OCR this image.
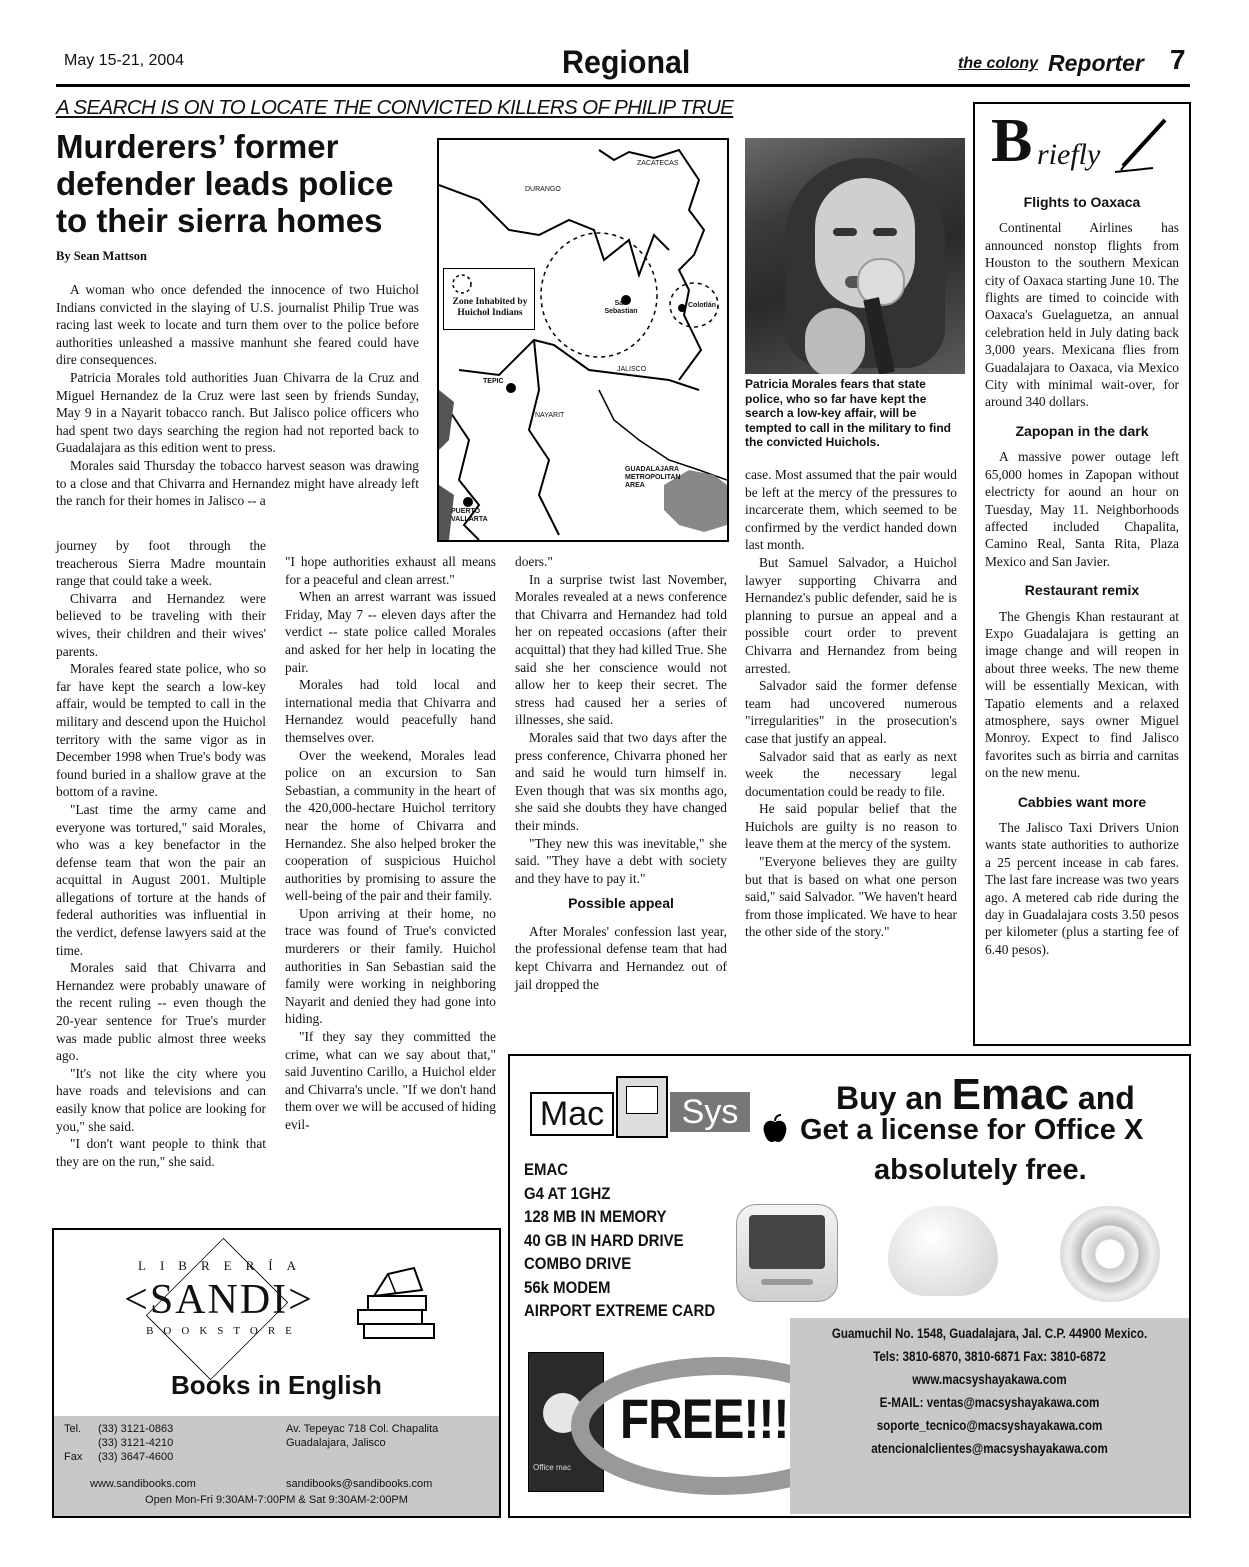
May 15-21, 2004	Regional	the colony Reporter 7
A SEARCH IS ON TO LOCATE THE CONVICTED KILLERS OF PHILIP TRUE
Murderers’ former
defender leads police
to their sierra homes
By Sean Mattson

A woman who once defended the innocence of two Huichol Indians convicted in the slaying of U.S. journalist Philip True was racing last week to locate and turn them over to the police before authorities unleashed a massive manhunt she feared could have dire consequences.

Patricia Morales told authorities Juan Chivarra de la Cruz and Miguel Hernandez de la Cruz were last seen by friends Sunday, May 9 in a Nayarit tobacco ranch. But Jalisco police officers who had spent two days searching the region had not reported back to Guadalajara as this edition went to press.

Morales said Thursday the tobacco harvest season was drawing to a close and that Chivarra and Hernandez might have already left the ranch for their homes in Jalisco -- a

Zone Inhabited by Huichol Indians
ZACATECAS
DURANGO
San Sebastian
Colotlán
JALISCO
TEPIC
NAYARIT
GUADALAJARA METROPOLITAN AREA
PUERTO VALLARTA
Patricia Morales fears that state police, who so far have kept the search a low-key affair, will be tempted to call in the military to find the convicted Huichols.

journey by foot through the treacherous Sierra Madre mountain range that could take a week.

Chivarra and Hernandez were believed to be traveling with their wives, their children and their wives' parents.

Morales feared state police, who so far have kept the search a low-key affair, would be tempted to call in the military and descend upon the Huichol territory with the same vigor as in December 1998 when True's body was found buried in a shallow grave at the bottom of a ravine.

"Last time the army came and everyone was tortured," said Morales, who was a key benefactor in the defense team that won the pair an acquittal in August 2001. Multiple allegations of torture at the hands of federal authorities was influential in the verdict, defense lawyers said at the time.

Morales said that Chivarra and Hernandez were probably unaware of the recent ruling -- even though the 20-year sentence for True's murder was made public almost three weeks ago.

"It's not like the city where you have roads and televisions and can easily know that police are looking for you," she said.

"I don't want people to think that they are on the run," she said.

"I hope authorities exhaust all means for a peaceful and clean arrest."

When an arrest warrant was issued Friday, May 7 -- eleven days after the verdict -- state police called Morales and asked for her help in locating the pair.

Morales had told local and international media that Chivarra and Hernandez would peacefully hand themselves over.

Over the weekend, Morales lead police on an excursion to San Sebastian, a community in the heart of the 420,000-hectare Huichol territory near the home of Chivarra and Hernandez. She also helped broker the cooperation of suspicious Huichol authorities by promising to assure the well-being of the pair and their family.

Upon arriving at their home, no trace was found of True's convicted murderers or their family. Huichol authorities in San Sebastian said the family were working in neighboring Nayarit and denied they had gone into hiding.

"If they say they committed the crime, what can we say about that," said Juventino Carillo, a Huichol elder and Chivarra's uncle. "If we don't hand them over we will be accused of hiding evil-

doers."

In a surprise twist last November, Morales revealed at a news conference that Chivarra and Hernandez had told her on repeated occasions (after their acquittal) that they had killed True. She said she her conscience would not allow her to keep their secret. The stress had caused her a series of illnesses, she said.

Morales said that two days after the press conference, Chivarra phoned her and said he would turn himself in. Even though that was six months ago, she said she doubts they have changed their minds.

"They new this was inevitable," she said. "They have a debt with society and they have to pay it."

Possible appeal

After Morales' confession last year, the professional defense team that had kept Chivarra and Hernandez out of jail dropped the

case. Most assumed that the pair would be left at the mercy of the pressures to incarcerate them, which seemed to be confirmed by the verdict handed down last month.

But Samuel Salvador, a Huichol lawyer supporting Chivarra and Hernandez's public defender, said he is planning to pursue an appeal and a possible court order to prevent Chivarra and Hernandez from being arrested.

Salvador said the former defense team had uncovered numerous "irregularities" in the prosecution's case that justify an appeal.

Salvador said that as early as next week the necessary legal documentation could be ready to file.

He said popular belief that the Huichols are guilty is no reason to leave them at the mercy of the system.

"Everyone believes they are guilty but that is based on what one person said," said Salvador. "We haven't heard from those implicated. We have to hear the other side of the story."

B riefly
Flights to Oaxaca

Continental Airlines has announced nonstop flights from Houston to the southern Mexican city of Oaxaca starting June 10. The flights are timed to coincide with Oaxaca's Guelaguetza, an annual celebration held in July dating back 3,000 years. Mexicana flies from Guadalajara to Oaxaca, via Mexico City with minimal wait-over, for around 340 dollars.

Zapopan in the dark

A massive power outage left 65,000 homes in Zapopan without electricty for aound an hour on Tuesday, May 11. Neighborhoods affected included Chapalita, Camino Real, Santa Rita, Plaza Mexico and San Javier.

Restaurant remix

The Ghengis Khan restaurant at Expo Guadalajara is getting an image change and will reopen in about three weeks. The new theme will be essentially Mexican, with Tapatio elements and a relaxed atmosphere, says owner Miguel Monroy. Expect to find Jalisco favorites such as birria and carnitas on the new menu.

Cabbies want more

The Jalisco Taxi Drivers Union wants state authorities to authorize a 25 percent incease in cab fares. The last fare increase was two years ago. A metered cab ride during the day in Guadalajara costs 3.50 pesos per kilometer (plus a starting fee of 6.40 pesos).

LIBRERÍA
<SANDI>
BOOKSTORE
Books in English
Tel. (33) 3121-0863
(33) 3121-4210
Fax (33) 3647-4600
Av. Tepeyac 718 Col. Chapalita
Guadalajara, Jalisco
www.sandibooks.com	sandibooks@sandibooks.com
Open Mon-Fri 9:30AM-7:00PM & Sat 9:30AM-2:00PM
Mac	Sys	Buy an Emac and
Get a license for Office X
absolutely free.
EMAC
G4 AT 1GHZ
128 MB IN MEMORY
40 GB IN HARD DRIVE
COMBO DRIVE
56k MODEM
AIRPORT EXTREME CARD
Office mac
FREE!!!
Guamuchil No. 1548, Guadalajara, Jal. C.P. 44900 Mexico.
Tels: 3810-6870, 3810-6871 Fax: 3810-6872
www.macsyshayakawa.com
E-MAIL: ventas@macsyshayakawa.com
soporte_tecnico@macsyshayakawa.com
atencionalclientes@macsyshayakawa.com
